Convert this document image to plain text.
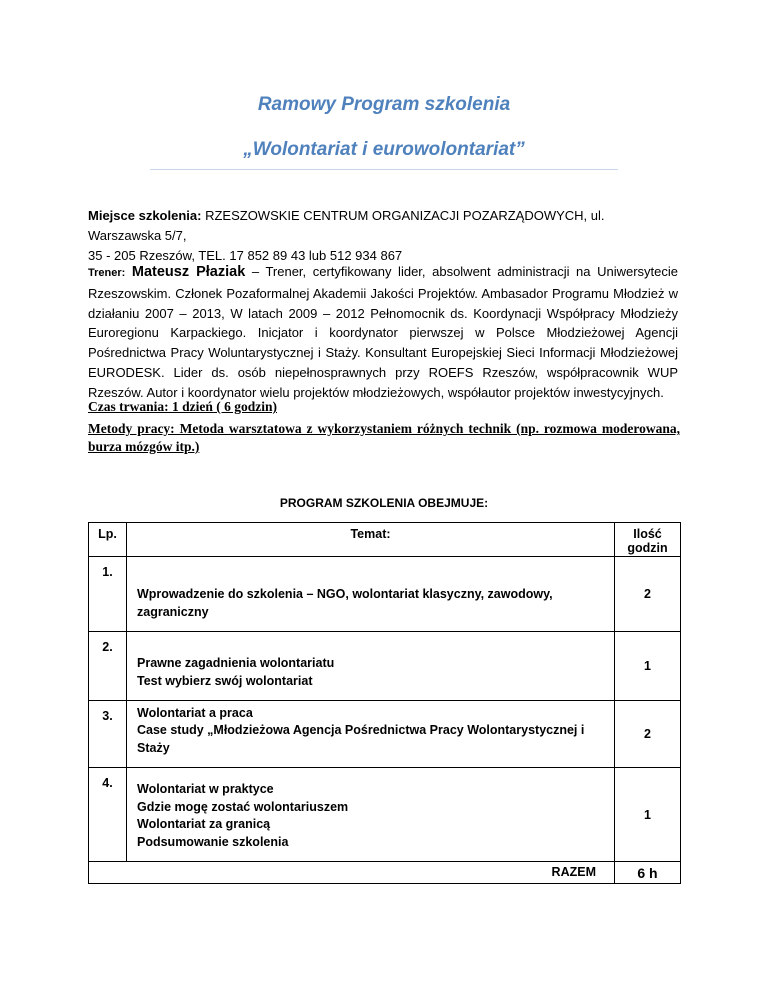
Ramowy Program szkolenia
„Wolontariat i eurowolontariat”
Miejsce szkolenia: RZESZOWSKIE CENTRUM ORGANIZACJI POZARZĄDOWYCH, ul. Warszawska 5/7,
35 - 205 Rzeszów, TEL. 17 852 89 43 lub 512 934 867
Trener: Mateusz Płaziak – Trener, certyfikowany lider, absolwent administracji na Uniwersytecie Rzeszowskim. Członek Pozaformalnej Akademii Jakości Projektów. Ambasador Programu Młodzież w działaniu 2007 – 2013, W latach 2009 – 2012 Pełnomocnik ds. Koordynacji Współpracy Młodzieży Euroregionu Karpackiego. Inicjator i koordynator pierwszej w Polsce Młodzieżowej Agencji Pośrednictwa Pracy Woluntarystycznej i Staży. Konsultant Europejskiej Sieci Informacji Młodzieżowej EURODESK. Lider ds. osób niepełnosprawnych przy ROEFS Rzeszów, współpracownik WUP Rzeszów. Autor i koordynator wielu projektów młodzieżowych, współautor projektów inwestycyjnych.
Czas trwania: 1 dzień ( 6 godzin)
Metody pracy: Metoda warsztatowa z wykorzystaniem różnych technik (np. rozmowa moderowana, burza mózgów itp.)
PROGRAM SZKOLENIA OBEJMUJE:
Lp.	Temat:	Ilość
godzin

1.	Wprowadzenie do szkolenia – NGO, wolontariat klasyczny, zawodowy,
zagraniczny	2

2.	Prawne zagadnienia wolontariatu
Test wybierz swój wolontariat	1

3.	Wolontariat a praca
Case study „Młodzieżowa Agencja Pośrednictwa Pracy Wolontarystycznej i Staży	2

4.	Wolontariat w praktyce
Gdzie mogę zostać wolontariuszem
Wolontariat za granicą
Podsumowanie szkolenia	1
RAZEM		6 h
